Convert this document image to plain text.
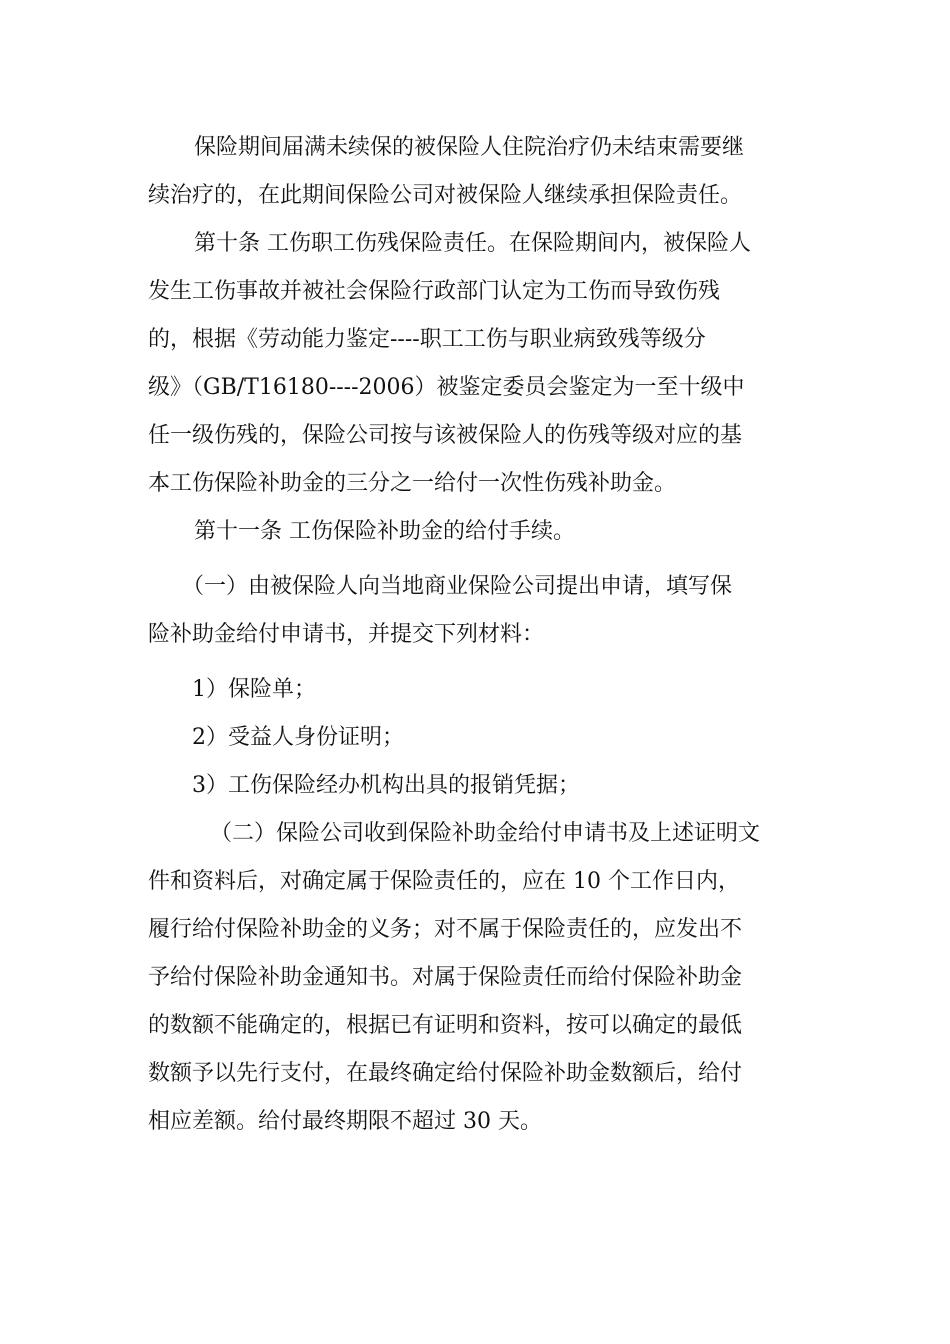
保险期间届满未续保的被保险人住院治疗仍未结束需要继

续治疗的，在此期间保险公司对被保险人继续承担保险责任。

第十条 工伤职工伤残保险责任。在保险期间内，被保险人

发生工伤事故并被社会保险行政部门认定为工伤而导致伤残

的，根据《劳动能力鉴定----职工工伤与职业病致残等级分

级》（GB/T16180----2006）被鉴定委员会鉴定为一至十级中

任一级伤残的，保险公司按与该被保险人的伤残等级对应的基

本工伤保险补助金的三分之一给付一次性伤残补助金。

第十一条 工伤保险补助金的给付手续。

（一）由被保险人向当地商业保险公司提出申请，填写保

险补助金给付申请书，并提交下列材料：

1）保险单；

2）受益人身份证明；

3）工伤保险经办机构出具的报销凭据；

（二）保险公司收到保险补助金给付申请书及上述证明文

件和资料后，对确定属于保险责任的，应在 10 个工作日内，

履行给付保险补助金的义务；对不属于保险责任的，应发出不

予给付保险补助金通知书。对属于保险责任而给付保险补助金

的数额不能确定的，根据已有证明和资料，按可以确定的最低

数额予以先行支付，在最终确定给付保险补助金数额后，给付

相应差额。给付最终期限不超过 30 天。
